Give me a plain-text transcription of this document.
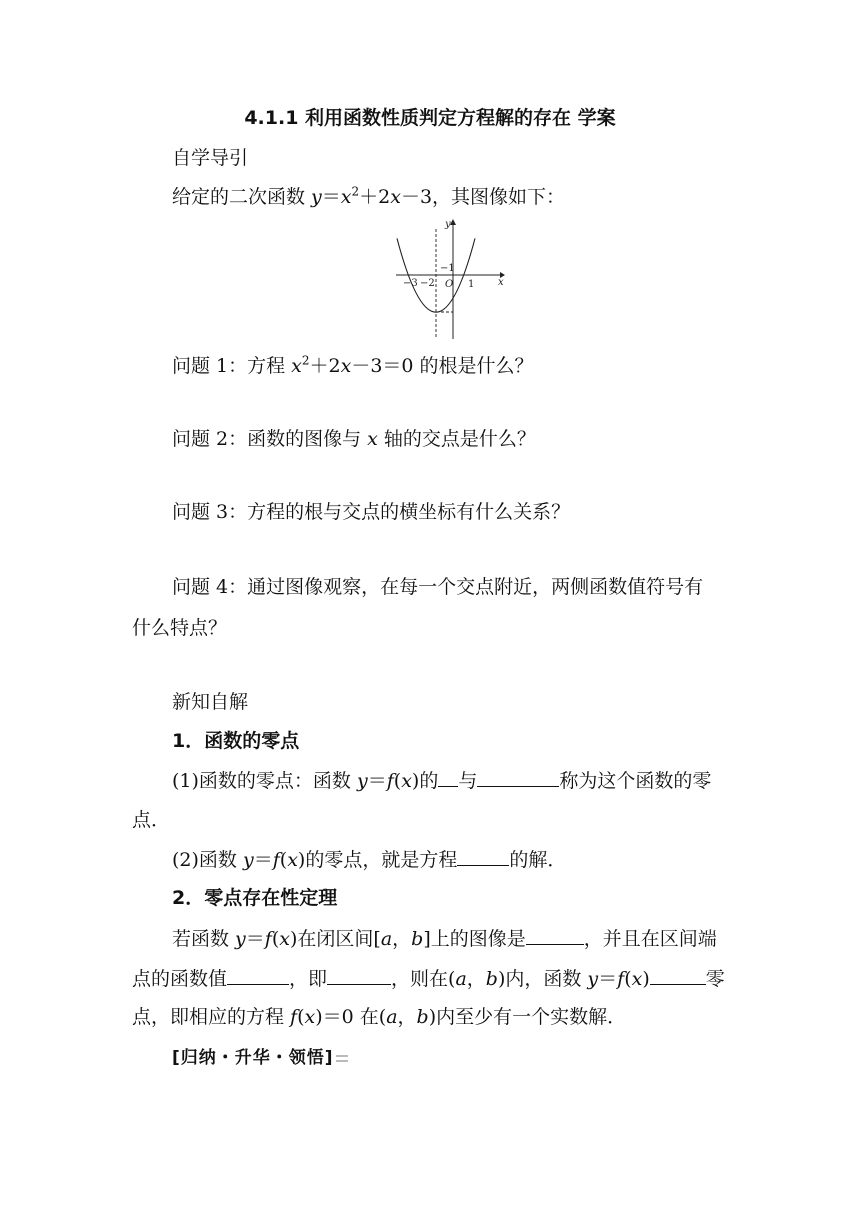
4.1.1 利用函数性质判定方程解的存在 学案
自学导引
给定的二次函数 $y=x^2+2x-3$，其图像如下：
x
y
−3 −2
−1
O 1
问题 1：方程 $x^2+2x-3=0$ 的根是什么？
问题 2：函数的图像与 x 轴的交点是什么？
问题 3：方程的根与交点的横坐标有什么关系？
问题 4：通过图像观察，在每一个交点附近，两侧函数值符号有
什么特点？
新知自解
1．函数的零点
(1)函数的零点：函数 y＝f(x)的 与	称为这个函数的零
点．
(2)函数 y＝f(x)的零点，就是方程	的解．
2．零点存在性定理
若函数 y＝f(x)在闭区间[a，b]上的图像是	，并且在区间端
点的函数值	，即	，则在(a，b)内，函数 y＝f(x)	零
点，即相应的方程 f(x)＝0 在(a，b)内至少有一个实数解．
[归纳・升华・领悟]
